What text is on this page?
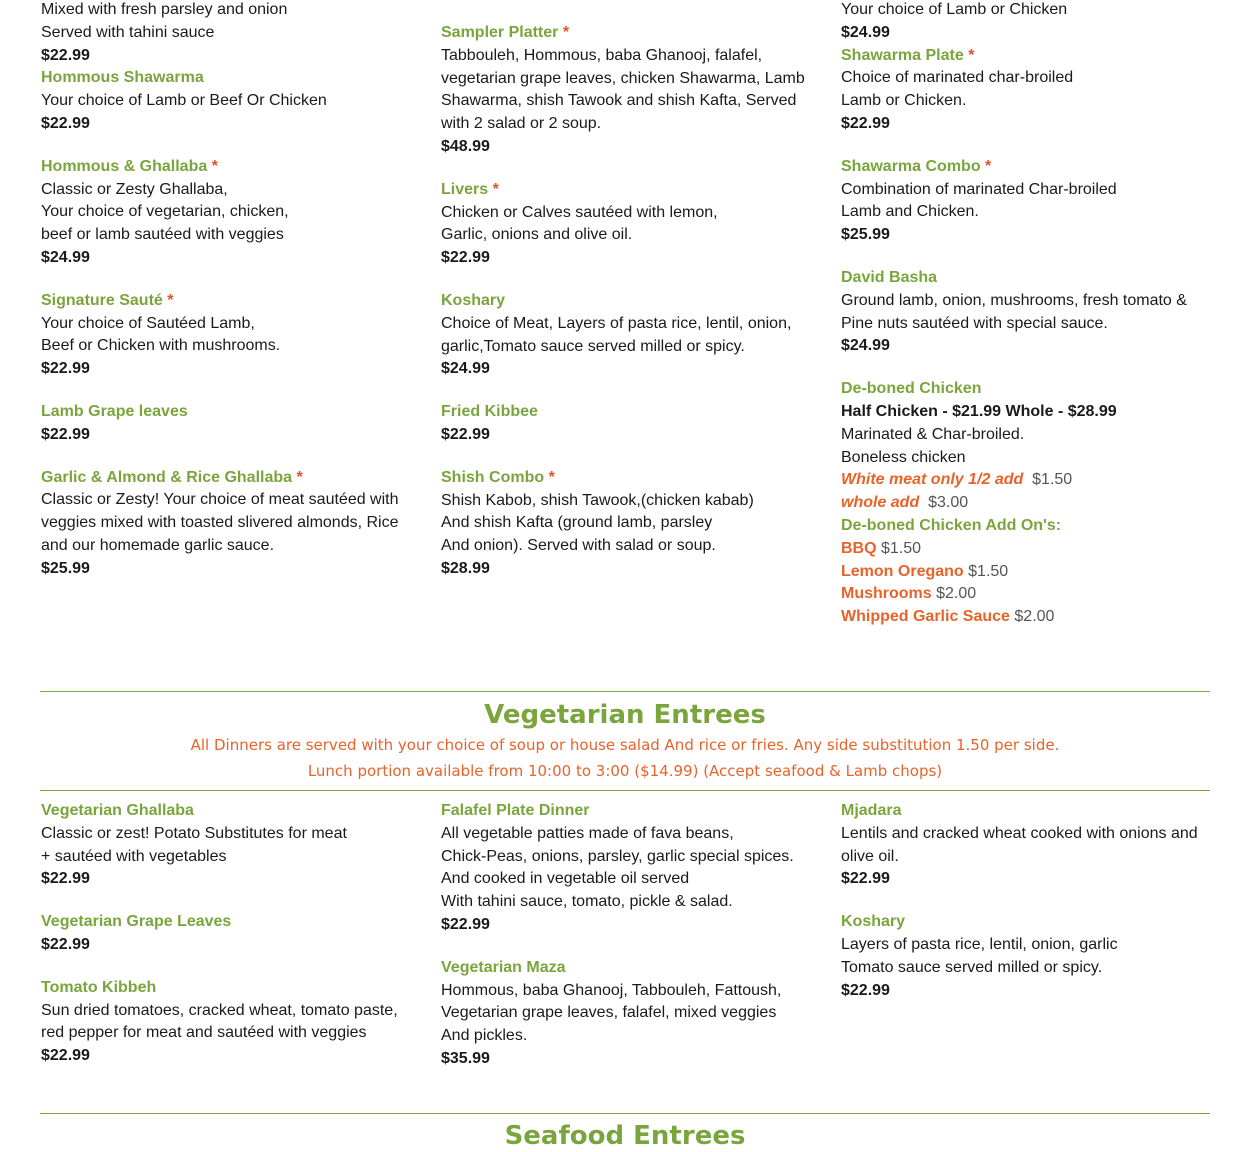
Mixed with fresh parsley and onion

Served with tahini sauce

$22.99

Hommous Shawarma

Your choice of Lamb or Beef Or Chicken

$22.99

Hommous & Ghallaba *

Classic or Zesty Ghallaba,

Your choice of vegetarian, chicken,

beef or lamb sautéed with veggies

$24.99

Signature Sauté *

Your choice of Sautéed Lamb,

Beef or Chicken with mushrooms.

$22.99

Lamb Grape leaves

$22.99

Garlic & Almond & Rice Ghallaba *

Classic or Zesty! Your choice of meat sautéed with veggies mixed with toasted slivered almonds, Rice and our homemade garlic sauce.

$25.99

Sampler Platter *

Tabbouleh, Hommous, baba Ghanooj, falafel, vegetarian grape leaves, chicken Shawarma, Lamb Shawarma, shish Tawook and shish Kafta, Served with 2 salad or 2 soup.

$48.99

Livers *

Chicken or Calves sautéed with lemon,

Garlic, onions and olive oil.

$22.99

Koshary

Choice of Meat, Layers of pasta rice, lentil, onion, garlic,Tomato sauce served milled or spicy.

$24.99

Fried Kibbee

$22.99

Shish Combo *

Shish Kabob, shish Tawook,(chicken kabab)

And shish Kafta (ground lamb, parsley

And onion). Served with salad or soup.

$28.99

Your choice of Lamb or Chicken

$24.99

Shawarma Plate *

Choice of marinated char-broiled

Lamb or Chicken.

$22.99

Shawarma Combo *

Combination of marinated Char-broiled

Lamb and Chicken.

$25.99

David Basha

Ground lamb, onion, mushrooms, fresh tomato & Pine nuts sautéed with special sauce.

$24.99

De-boned Chicken

Half Chicken - $21.99 Whole - $28.99

Marinated & Char-broiled.

Boneless chicken

White meat only 1/2 add $1.50

whole add $3.00

De-boned Chicken Add On's:

BBQ $1.50

Lemon Oregano $1.50

Mushrooms $2.00

Whipped Garlic Sauce $2.00

Vegetarian Entrees
All Dinners are served with your choice of soup or house salad And rice or fries. Any side substitution 1.50 per side.
Lunch portion available from 10:00 to 3:00 ($14.99) (Accept seafood & Lamb chops)

Vegetarian Ghallaba

Classic or zest! Potato Substitutes for meat

+ sautéed with vegetables

$22.99

Vegetarian Grape Leaves

$22.99

Tomato Kibbeh

Sun dried tomatoes, cracked wheat, tomato paste, red pepper for meat and sautéed with veggies

$22.99

Falafel Plate Dinner

All vegetable patties made of fava beans,

Chick-Peas, onions, parsley, garlic special spices.

And cooked in vegetable oil served

With tahini sauce, tomato, pickle & salad.

$22.99

Vegetarian Maza

Hommous, baba Ghanooj, Tabbouleh, Fattoush,

Vegetarian grape leaves, falafel, mixed veggies

And pickles.

$35.99

Mjadara

Lentils and cracked wheat cooked with onions and olive oil.

$22.99

Koshary

Layers of pasta rice, lentil, onion, garlic

Tomato sauce served milled or spicy.

$22.99

Seafood Entrees
